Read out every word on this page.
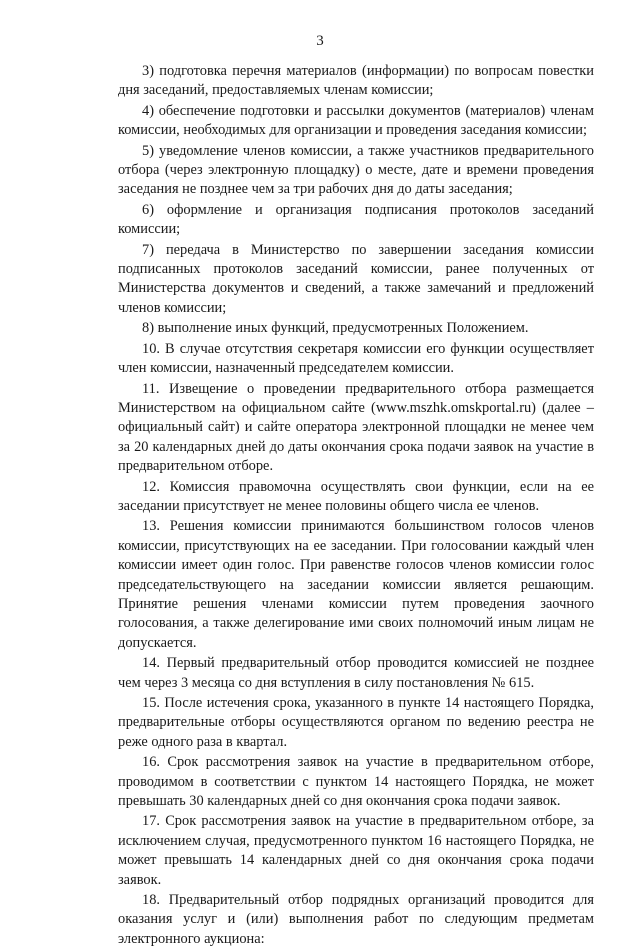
3

3) подготовка перечня материалов (информации) по вопросам повестки дня заседаний, предоставляемых членам комиссии;

4) обеспечение подготовки и рассылки документов (материалов) членам комиссии, необходимых для организации и проведения заседания комиссии;

5) уведомление членов комиссии, а также участников предварительного отбора (через электронную площадку) о месте, дате и времени проведения заседания не позднее чем за три рабочих дня до даты заседания;

6) оформление и организация подписания протоколов заседаний комиссии;

7) передача в Министерство по завершении заседания комиссии подписанных протоколов заседаний комиссии, ранее полученных от Министерства документов и сведений, а также замечаний и предложений членов комиссии;

8) выполнение иных функций, предусмотренных Положением.

10. В случае отсутствия секретаря комиссии его функции осуществляет член комиссии, назначенный председателем комиссии.

11. Извещение о проведении предварительного отбора размещается Министерством на официальном сайте (www.mszhk.omskportal.ru) (далее – официальный сайт) и сайте оператора электронной площадки не менее чем за 20 календарных дней до даты окончания срока подачи заявок на участие в предварительном отборе.

12. Комиссия правомочна осуществлять свои функции, если на ее заседании присутствует не менее половины общего числа ее членов.

13. Решения комиссии принимаются большинством голосов членов комиссии, присутствующих на ее заседании. При голосовании каждый член комиссии имеет один голос. При равенстве голосов членов комиссии голос председательствующего на заседании комиссии является решающим. Принятие решения членами комиссии путем проведения заочного голосования, а также делегирование ими своих полномочий иным лицам не допускается.

14. Первый предварительный отбор проводится комиссией не позднее чем через 3 месяца со дня вступления в силу постановления № 615.

15. После истечения срока, указанного в пункте 14 настоящего Порядка, предварительные отборы осуществляются органом по ведению реестра не реже одного раза в квартал.

16. Срок рассмотрения заявок на участие в предварительном отборе, проводимом в соответствии с пунктом 14 настоящего Порядка, не может превышать 30 календарных дней со дня окончания срока подачи заявок.

17. Срок рассмотрения заявок на участие в предварительном отборе, за исключением случая, предусмотренного пунктом 16 настоящего Порядка, не может превышать 14 календарных дней со дня окончания срока подачи заявок.

18. Предварительный отбор подрядных организаций проводится для оказания услуг и (или) выполнения работ по следующим предметам электронного аукциона:
